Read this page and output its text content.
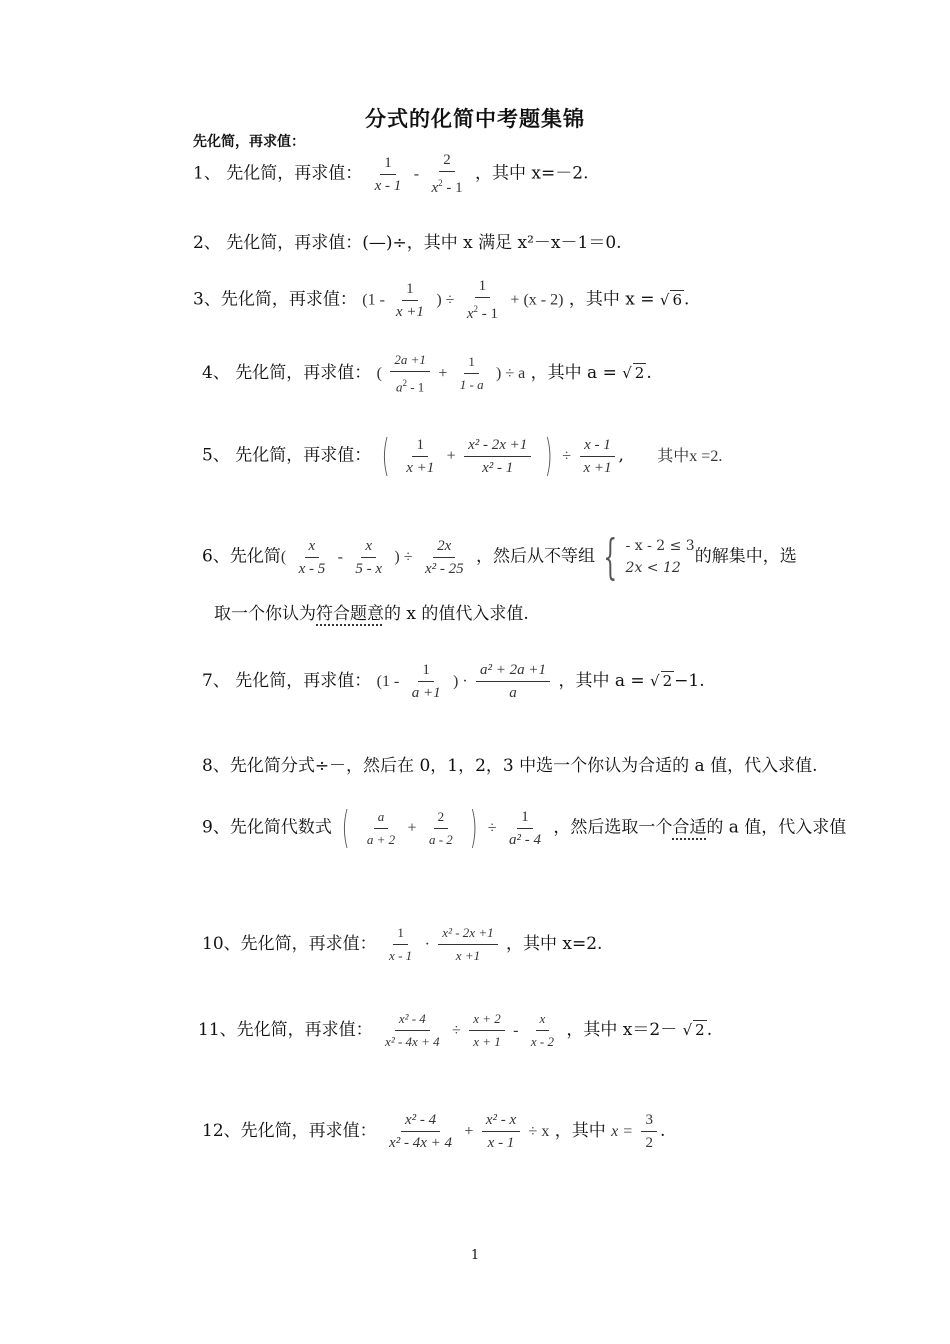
分式的化简中考题集锦
先化简，再求值：
1、 先化简，再求值： $\frac{1}{x - 1} - \frac{2}{x^2 - 1}$ ，其中 x=－2.
2、 先化简，再求值：(—)÷，其中 x 满足 x²－x－1＝0.
3、先化简，再求值： ($1 - \frac{1}{x +1}$ ) ÷ $\frac{1}{x^2 - 1} + (x - 2)$ ，其中 x = √ 6 .
4、 先化简，再求值： ( $\frac{2a +1}{a^2 - 1} + \frac{1}{1 - a}$ ) ÷ a ，其中 a = √ 2 .
5、 先化简，再求值： ( $\frac{1}{x +1} + \frac{\text{x² - 2x +1}}{\text{x² - 1}}$ ) ÷ $\frac{x - 1}{x +1}$ , 其中x =2.
6、先化简( $\frac{x}{x - 5} - \frac{x}{5 - x}$ ) ÷ $\frac{2x}{\text{x² - 25}}$ ，然后从不等组 { - x - 2 ≤ 3
2x < 12
的解集中，选
取一个你认为符合题意的 x 的值代入求值.
7、 先化简，再求值： ($1 - \frac{1}{a +1}$ ) · $\frac{\text{a² + 2a +1}}{a}$ ，其中 a = √ 2 −1.
8、先化简分式÷－，然后在 0，1，2，3 中选一个你认为合适的 a 值，代入求值.
9、先化简代数式 ( $\frac{a}{a + 2} + \frac{2}{a - 2}$ ) ÷ $\frac{1}{\text{a² - 4}}$ ，然后选取一个合适的 a 值，代入求值
10、先化简，再求值： $\frac{1}{x - 1} \cdot \frac{\text{x² - 2x +1}}{x +1}$ ，其中 x=2.
11、先化简，再求值： $\frac{\text{x² - 4}}{\text{x² - 4x + 4}} \div \frac{x + 2}{x + 1} - \frac{x}{x - 2}$ ，其中 x＝2－ √ 2 .
12、先化简，再求值： $\frac{\text{x² - 4}}{\text{x² - 4x + 4}} + \frac{\text{x² - x}}{x - 1} \div x$ ，其中 $x = \frac{3}{2}$ .
1
